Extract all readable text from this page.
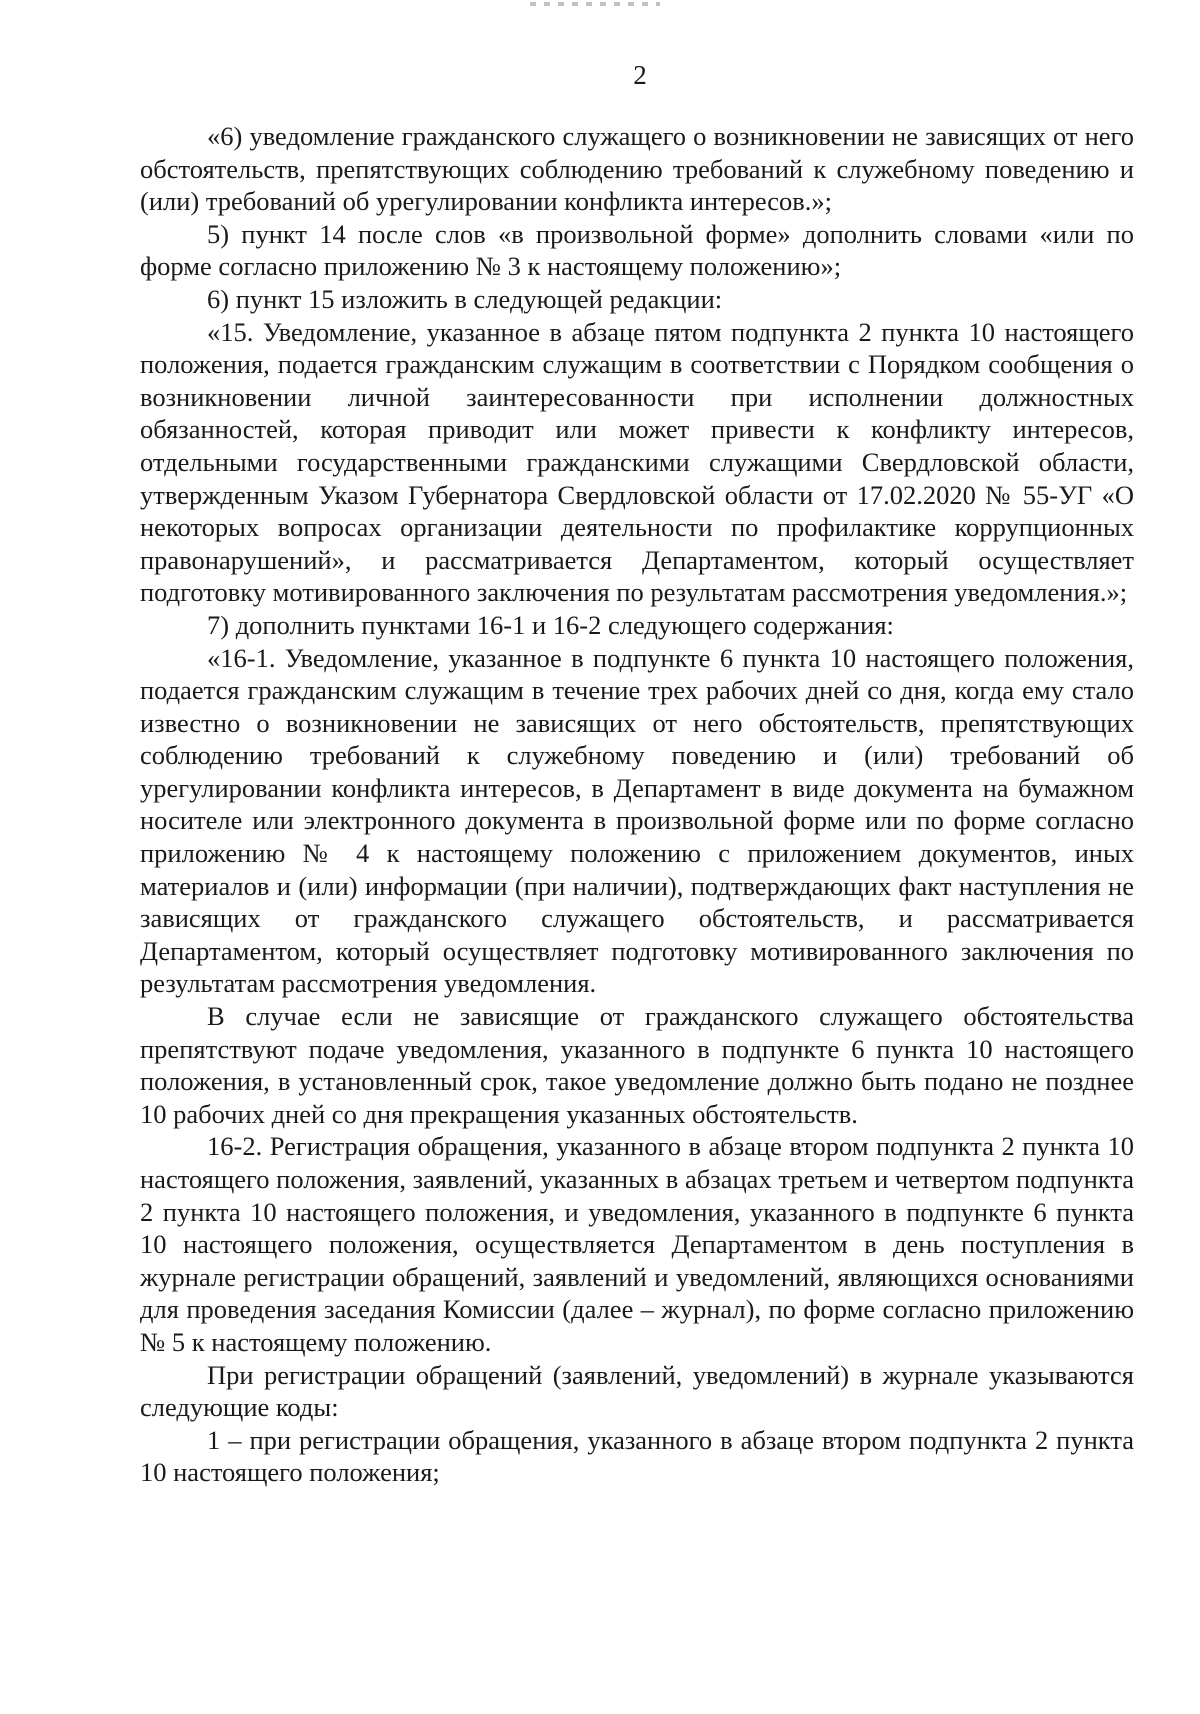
2

«6) уведомление гражданского служащего о возникновении не зависящих от него обстоятельств, препятствующих соблюдению требований к служебному поведению и (или) требований об урегулировании конфликта интересов.»;

5) пункт 14 после слов «в произвольной форме» дополнить словами «или по форме согласно приложению № 3 к настоящему положению»;

6) пункт 15 изложить в следующей редакции:

«15. Уведомление, указанное в абзаце пятом подпункта 2 пункта 10 настоящего положения, подается гражданским служащим в соответствии с Порядком сообщения о возникновении личной заинтересованности при исполнении должностных обязанностей, которая приводит или может привести к конфликту интересов, отдельными государственными гражданскими служащими Свердловской области, утвержденным Указом Губернатора Свердловской области от 17.02.2020 № 55-УГ «О некоторых вопросах организации деятельности по профилактике коррупционных правонарушений», и рассматривается Департаментом, который осуществляет подготовку мотивированного заключения по результатам рассмотрения уведомления.»;

7) дополнить пунктами 16-1 и 16-2 следующего содержания:

«16-1. Уведомление, указанное в подпункте 6 пункта 10 настоящего положения, подается гражданским служащим в течение трех рабочих дней со дня, когда ему стало известно о возникновении не зависящих от него обстоятельств, препятствующих соблюдению требований к служебному поведению и (или) требований об урегулировании конфликта интересов, в Департамент в виде документа на бумажном носителе или электронного документа в произвольной форме или по форме согласно приложению № 4 к настоящему положению с приложением документов, иных материалов и (или) информации (при наличии), подтверждающих факт наступления не зависящих от гражданского служащего обстоятельств, и рассматривается Департаментом, который осуществляет подготовку мотивированного заключения по результатам рассмотрения уведомления.

В случае если не зависящие от гражданского служащего обстоятельства препятствуют подаче уведомления, указанного в подпункте 6 пункта 10 настоящего положения, в установленный срок, такое уведомление должно быть подано не позднее 10 рабочих дней со дня прекращения указанных обстоятельств.

16-2. Регистрация обращения, указанного в абзаце втором подпункта 2 пункта 10 настоящего положения, заявлений, указанных в абзацах третьем и четвертом подпункта 2 пункта 10 настоящего положения, и уведомления, указанного в подпункте 6 пункта 10 настоящего положения, осуществляется Департаментом в день поступления в журнале регистрации обращений, заявлений и уведомлений, являющихся основаниями для проведения заседания Комиссии (далее – журнал), по форме согласно приложению № 5 к настоящему положению.

При регистрации обращений (заявлений, уведомлений) в журнале указываются следующие коды:

1 – при регистрации обращения, указанного в абзаце втором подпункта 2 пункта 10 настоящего положения;
